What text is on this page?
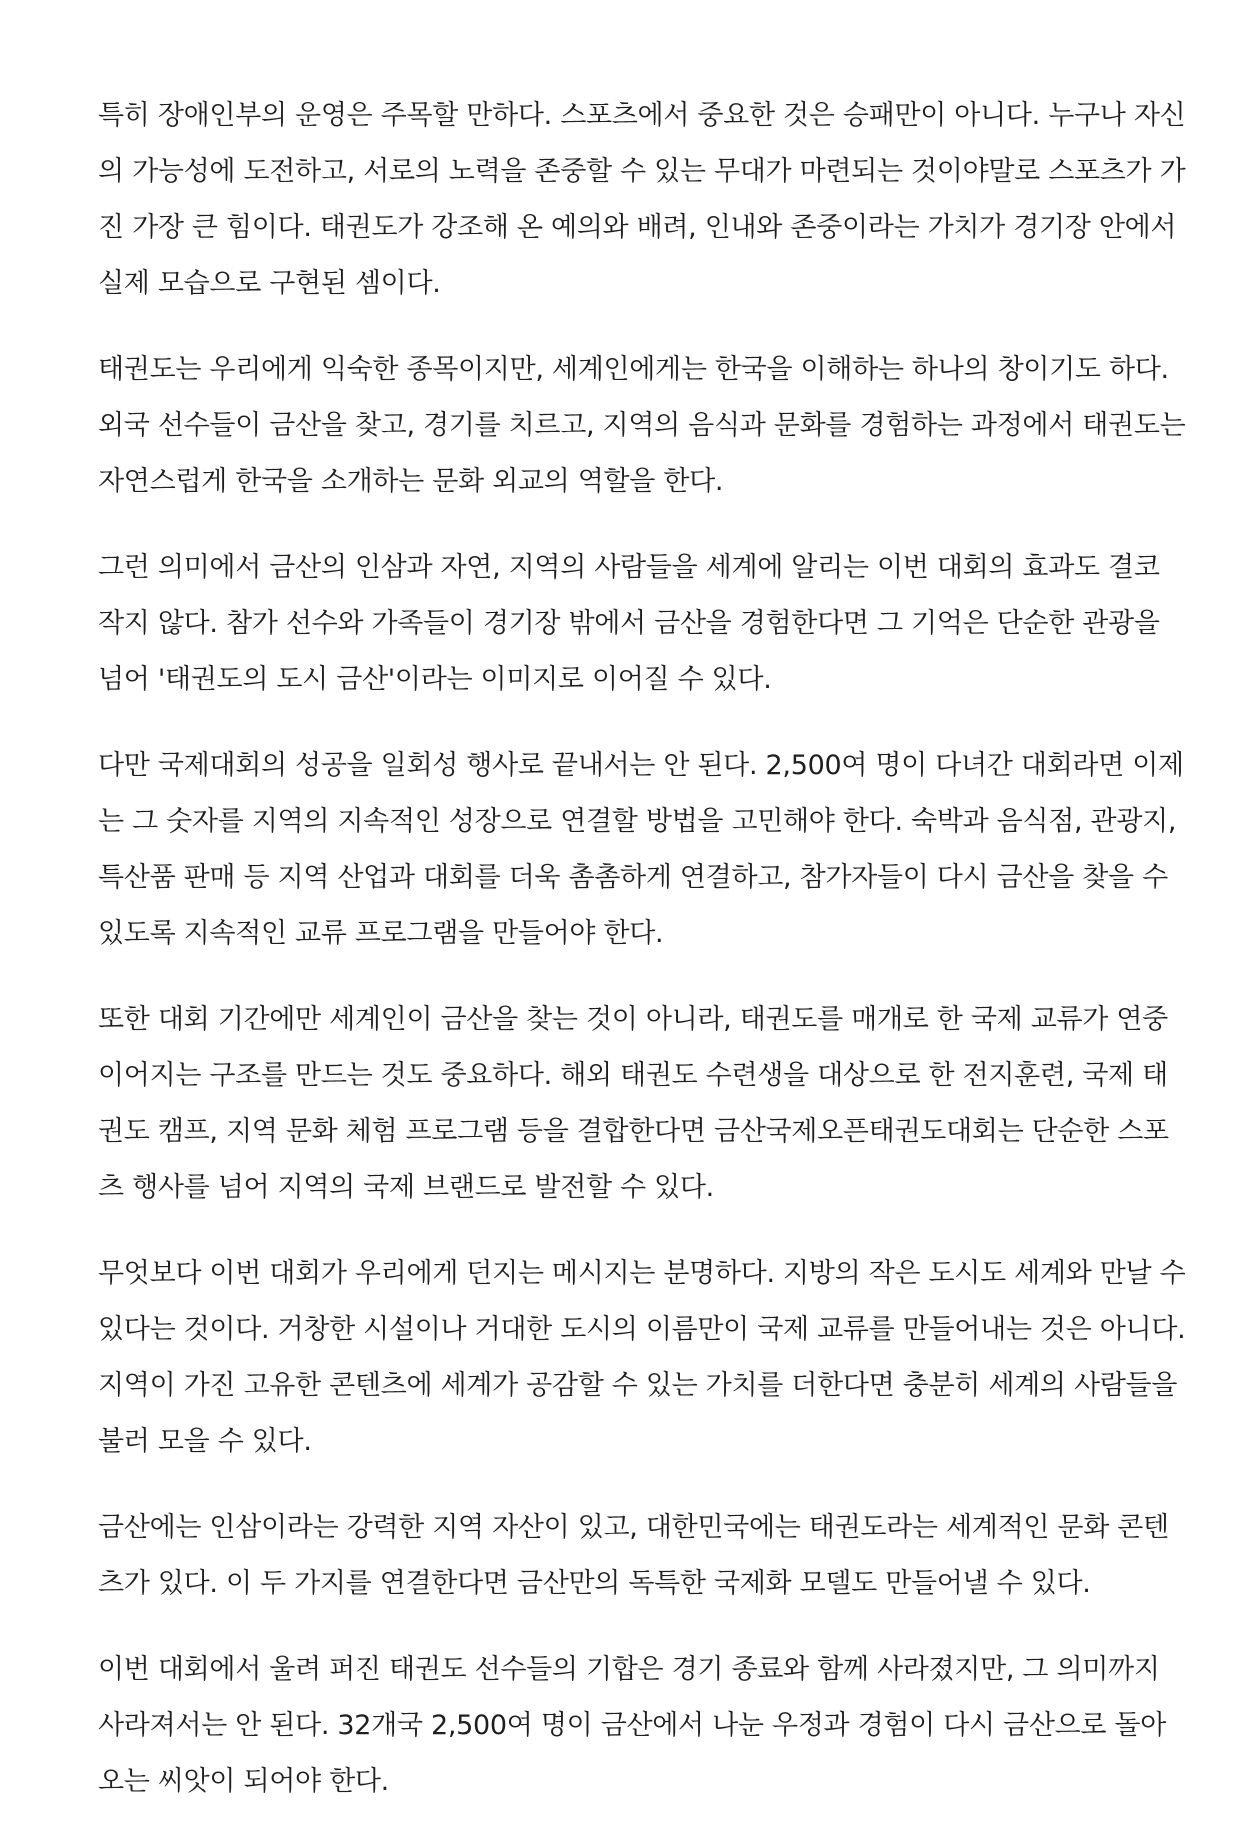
특히 장애인부의 운영은 주목할 만하다. 스포츠에서 중요한 것은 승패만이 아니다. 누구나 자신
의 가능성에 도전하고, 서로의 노력을 존중할 수 있는 무대가 마련되는 것이야말로 스포츠가 가
진 가장 큰 힘이다. 태권도가 강조해 온 예의와 배려, 인내와 존중이라는 가치가 경기장 안에서
실제 모습으로 구현된 셈이다.

태권도는 우리에게 익숙한 종목이지만, 세계인에게는 한국을 이해하는 하나의 창이기도 하다.
외국 선수들이 금산을 찾고, 경기를 치르고, 지역의 음식과 문화를 경험하는 과정에서 태권도는
자연스럽게 한국을 소개하는 문화 외교의 역할을 한다.

그런 의미에서 금산의 인삼과 자연, 지역의 사람들을 세계에 알리는 이번 대회의 효과도 결코
작지 않다. 참가 선수와 가족들이 경기장 밖에서 금산을 경험한다면 그 기억은 단순한 관광을
넘어 '태권도의 도시 금산'이라는 이미지로 이어질 수 있다.

다만 국제대회의 성공을 일회성 행사로 끝내서는 안 된다. 2,500여 명이 다녀간 대회라면 이제
는 그 숫자를 지역의 지속적인 성장으로 연결할 방법을 고민해야 한다. 숙박과 음식점, 관광지,
특산품 판매 등 지역 산업과 대회를 더욱 촘촘하게 연결하고, 참가자들이 다시 금산을 찾을 수
있도록 지속적인 교류 프로그램을 만들어야 한다.

또한 대회 기간에만 세계인이 금산을 찾는 것이 아니라, 태권도를 매개로 한 국제 교류가 연중
이어지는 구조를 만드는 것도 중요하다. 해외 태권도 수련생을 대상으로 한 전지훈련, 국제 태
권도 캠프, 지역 문화 체험 프로그램 등을 결합한다면 금산국제오픈태권도대회는 단순한 스포
츠 행사를 넘어 지역의 국제 브랜드로 발전할 수 있다.

무엇보다 이번 대회가 우리에게 던지는 메시지는 분명하다. 지방의 작은 도시도 세계와 만날 수
있다는 것이다. 거창한 시설이나 거대한 도시의 이름만이 국제 교류를 만들어내는 것은 아니다.
지역이 가진 고유한 콘텐츠에 세계가 공감할 수 있는 가치를 더한다면 충분히 세계의 사람들을
불러 모을 수 있다.

금산에는 인삼이라는 강력한 지역 자산이 있고, 대한민국에는 태권도라는 세계적인 문화 콘텐
츠가 있다. 이 두 가지를 연결한다면 금산만의 독특한 국제화 모델도 만들어낼 수 있다.

이번 대회에서 울려 퍼진 태권도 선수들의 기합은 경기 종료와 함께 사라졌지만, 그 의미까지
사라져서는 안 된다. 32개국 2,500여 명이 금산에서 나눈 우정과 경험이 다시 금산으로 돌아
오는 씨앗이 되어야 한다.
